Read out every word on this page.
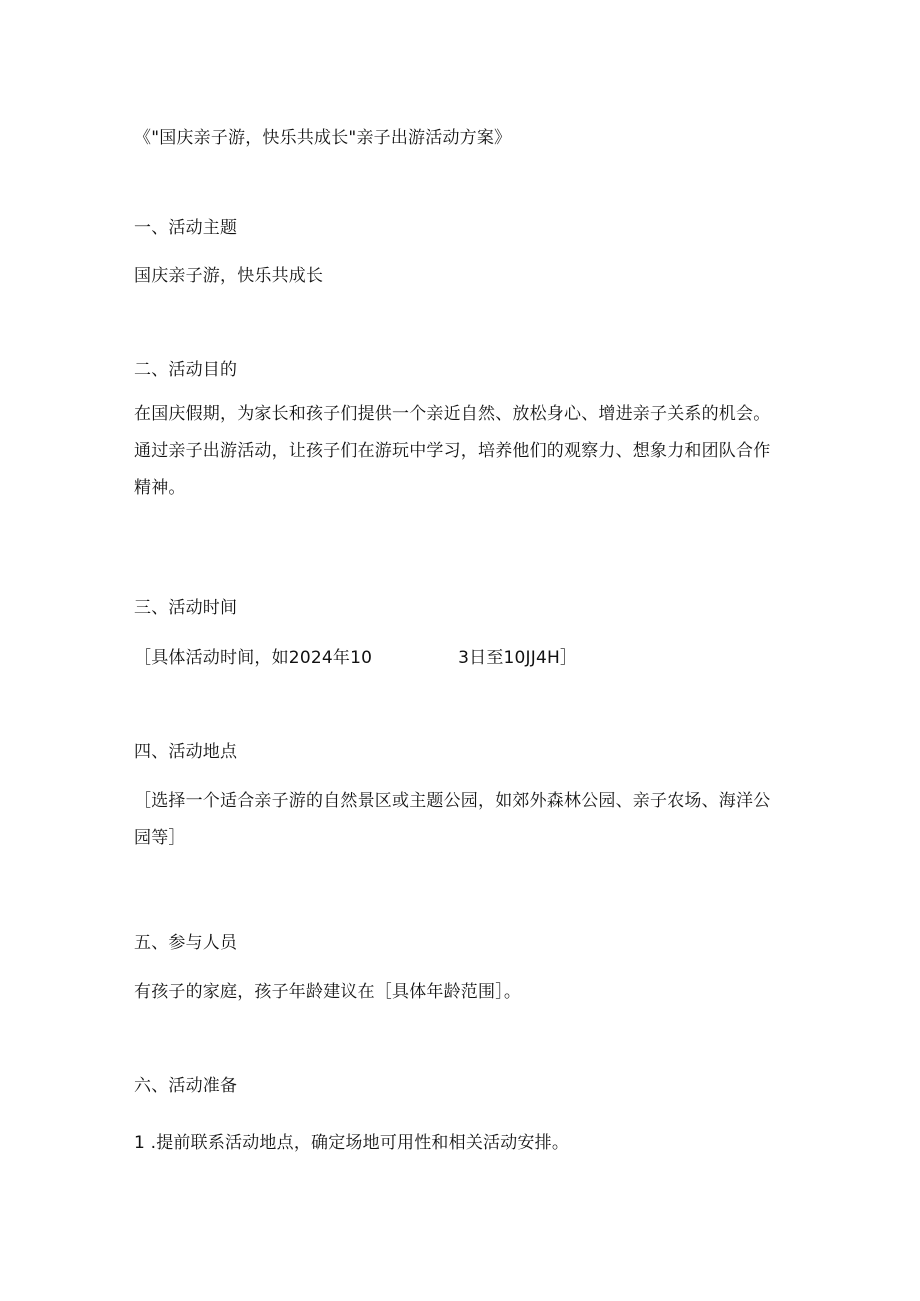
《"国庆亲子游，快乐共成长"亲子出游活动方案》
一、活动主题
国庆亲子游，快乐共成长
二、活动目的
在国庆假期，为家长和孩子们提供一个亲近自然、放松身心、增进亲子关系的机会。通过亲子出游活动，让孩子们在游玩中学习，培养他们的观察力、想象力和团队合作精神。
三、活动时间
［具体活动时间，如2024年10	3日至10JJ4H］
四、活动地点
［选择一个适合亲子游的自然景区或主题公园，如郊外森林公园、亲子农场、海洋公园等］
五、参与人员
有孩子的家庭，孩子年龄建议在［具体年龄范围］。
六、活动准备
1 .提前联系活动地点，确定场地可用性和相关活动安排。
